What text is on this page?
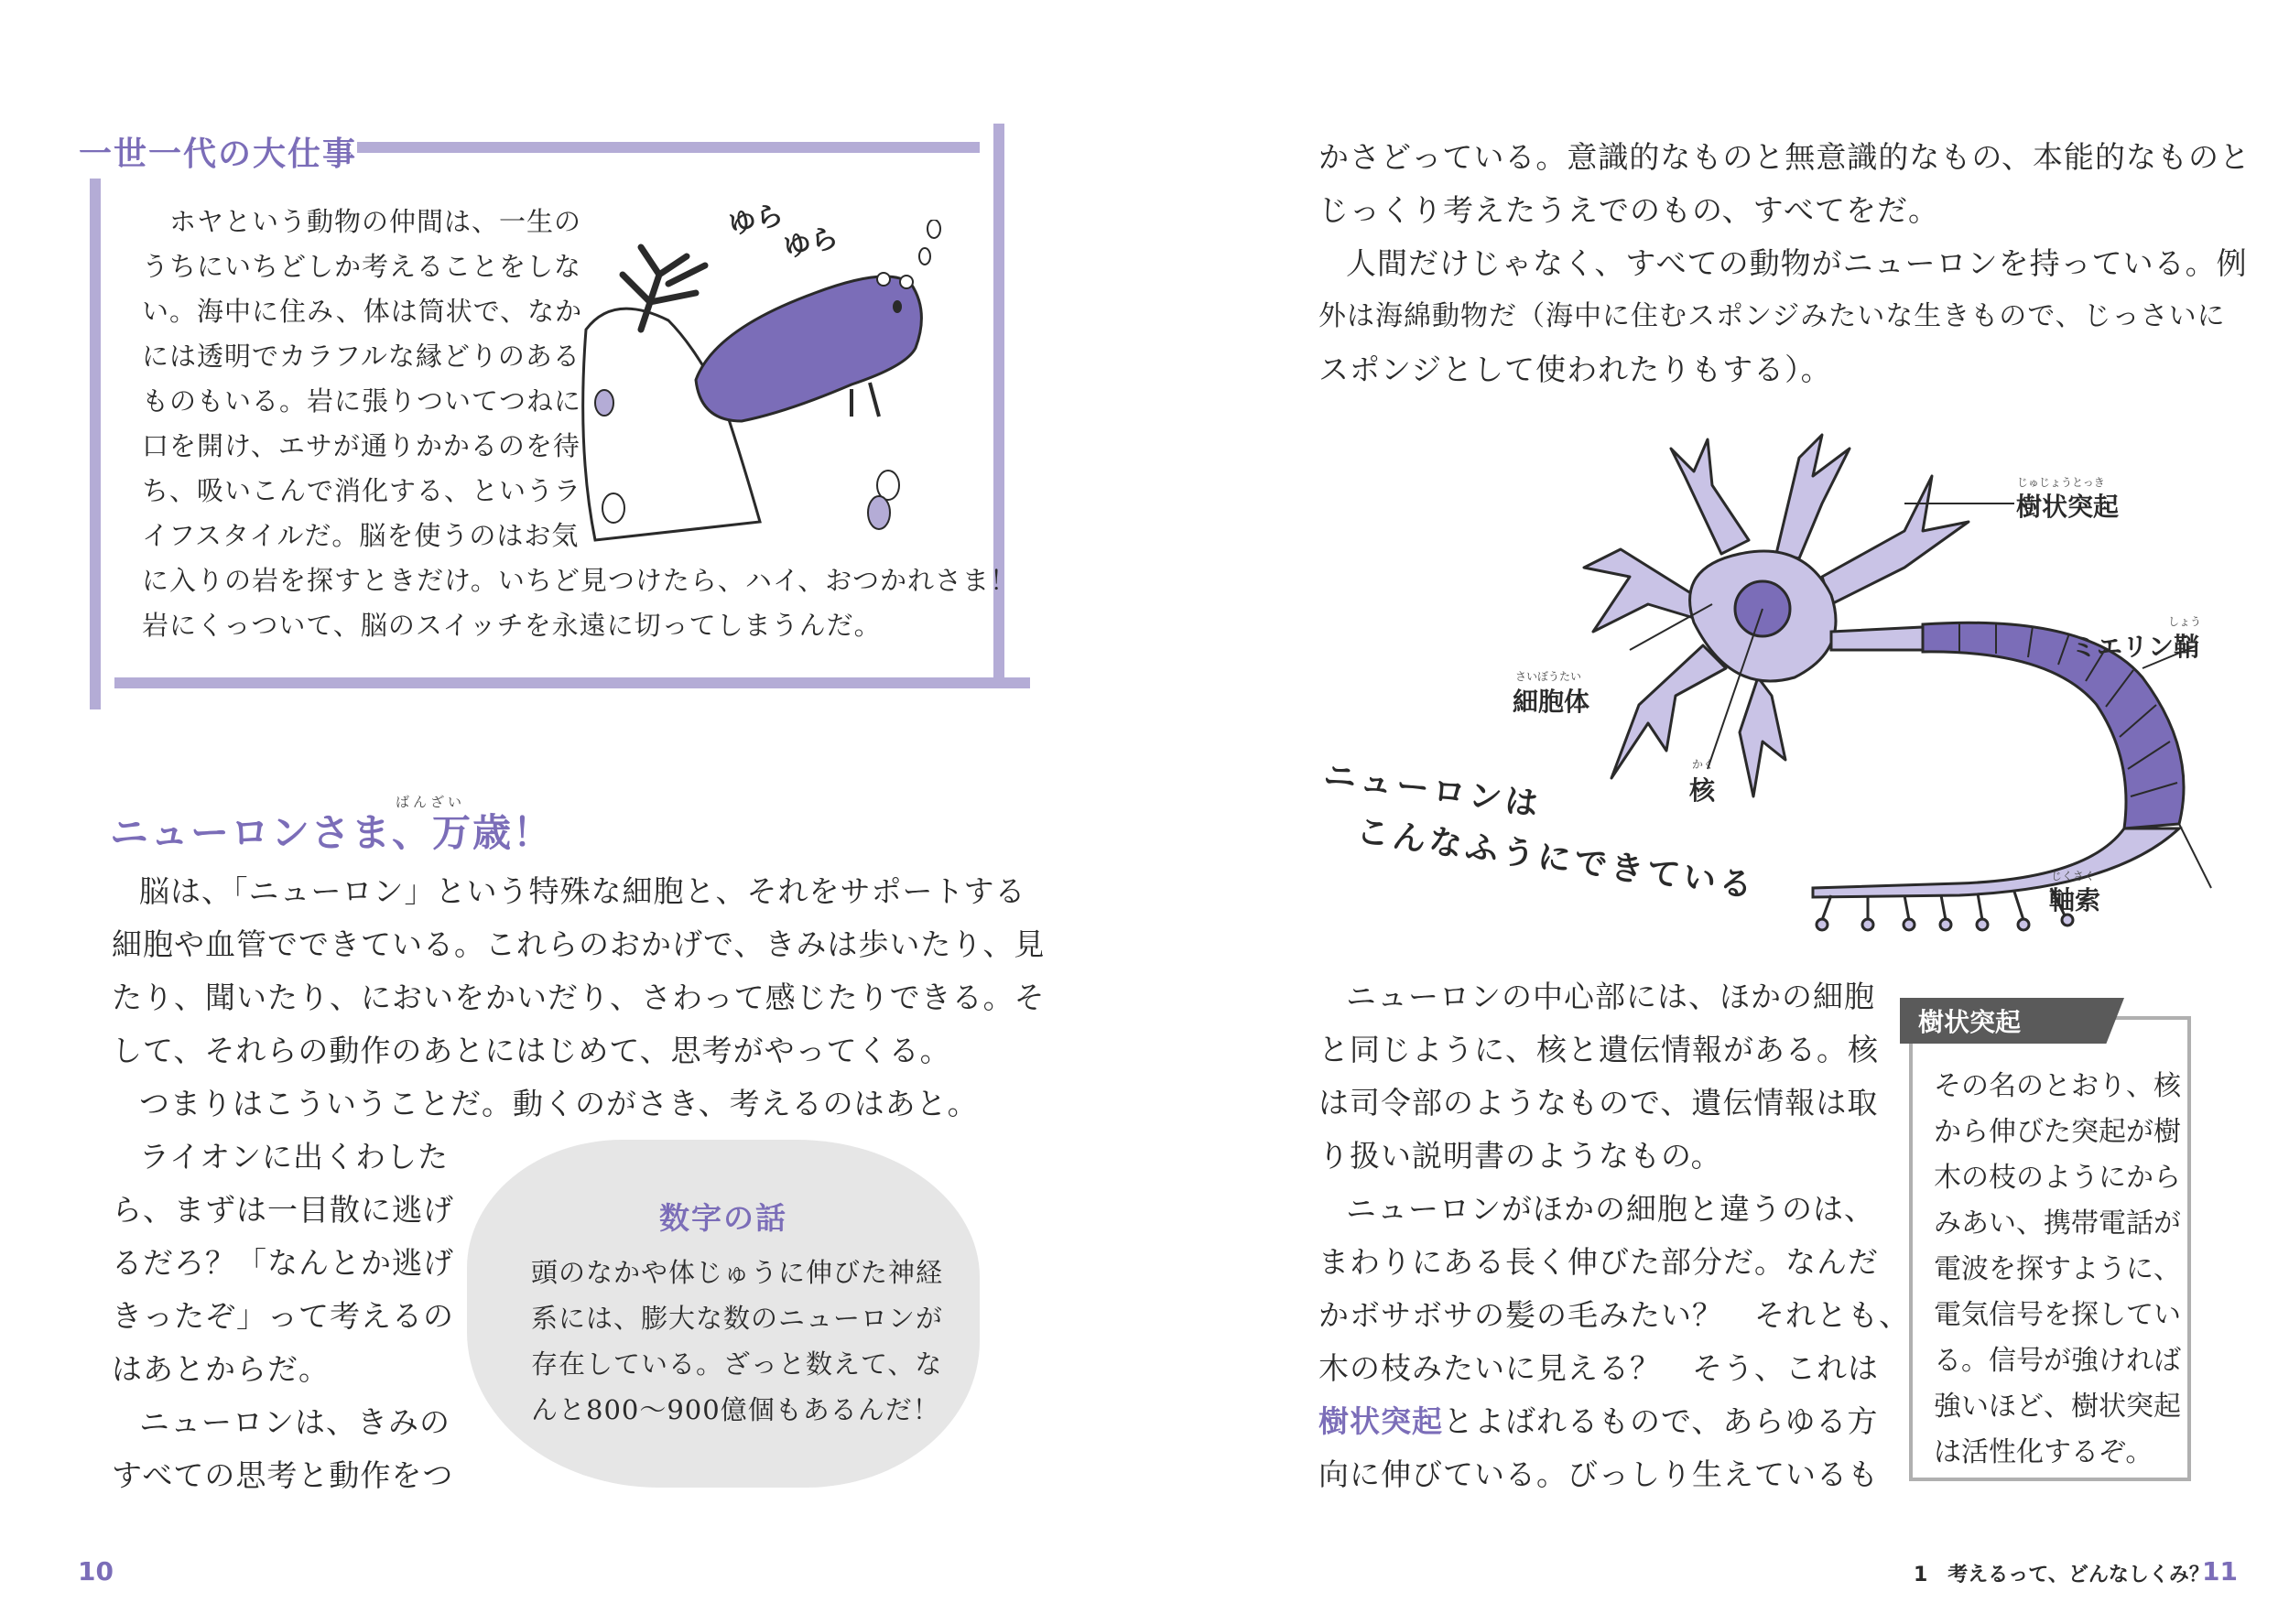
一世一代の大仕事
ホヤという動物の仲間は、一生の
うちにいちどしか考えることをしな
い。海中に住み、体は筒状で、なか
には透明でカラフルな縁どりのある
ものもいる。岩に張りついてつねに
口を開け、エサが通りかかるのを待
ち、吸いこんで消化する、というラ
イフスタイルだ。脳を使うのはお気
に入りの岩を探すときだけ。いちど見つけたら、ハイ、おつかれさま！
岩にくっついて、脳のスイッチを永遠に切ってしまうんだ。
ゆら
ゆら
ばんざい
ニューロンさま、万歳！
脳は、「ニューロン」という特殊な細胞と、それをサポートする
細胞や血管でできている。これらのおかげで、きみは歩いたり、見
たり、聞いたり、においをかいだり、さわって感じたりできる。そ
して、それらの動作のあとにはじめて、思考がやってくる。
つまりはこういうことだ。動くのがさき、考えるのはあと。
ライオンに出くわした
ら、まずは一目散に逃げ
るだろ？「なんとか逃げ
きったぞ」って考えるの
はあとからだ。
ニューロンは、きみの
すべての思考と動作をつ
数字の話
頭のなかや体じゅうに伸びた神経
系には、膨大な数のニューロンが
存在している。ざっと数えて、な
んと800～900億個もあるんだ！
10
かさどっている。意識的なものと無意識的なもの、本能的なものと
じっくり考えたうえでのもの、すべてをだ。
人間だけじゃなく、すべての動物がニューロンを持っている。例
外は海綿動物だ（海中に住むスポンジみたいな生きもので、じっさいに
スポンジとして使われたりもする）。
じゅじょうとっき
樹状突起
しょう
ミエリン鞘
さいぼうたい
細胞体
かく
核
じくさく
軸索
ニューロンは
こんなふうにできている
ニューロンの中心部には、ほかの細胞
と同じように、核と遺伝情報がある。核
は司令部のようなもので、遺伝情報は取
り扱い説明書のようなもの。
ニューロンがほかの細胞と違うのは、
まわりにある長く伸びた部分だ。なんだ
かボサボサの髪の毛みたい？　それとも、
木の枝みたいに見える？　そう、これは
樹状突起とよばれるもので、あらゆる方
向に伸びている。びっしり生えているも
樹状突起
その名のとおり、核
から伸びた突起が樹
木の枝のようにから
みあい、携帯電話が
電波を探すように、
電気信号を探してい
る。信号が強ければ
強いほど、樹状突起
は活性化するぞ。
1　考えるって、どんなしくみ？
11
